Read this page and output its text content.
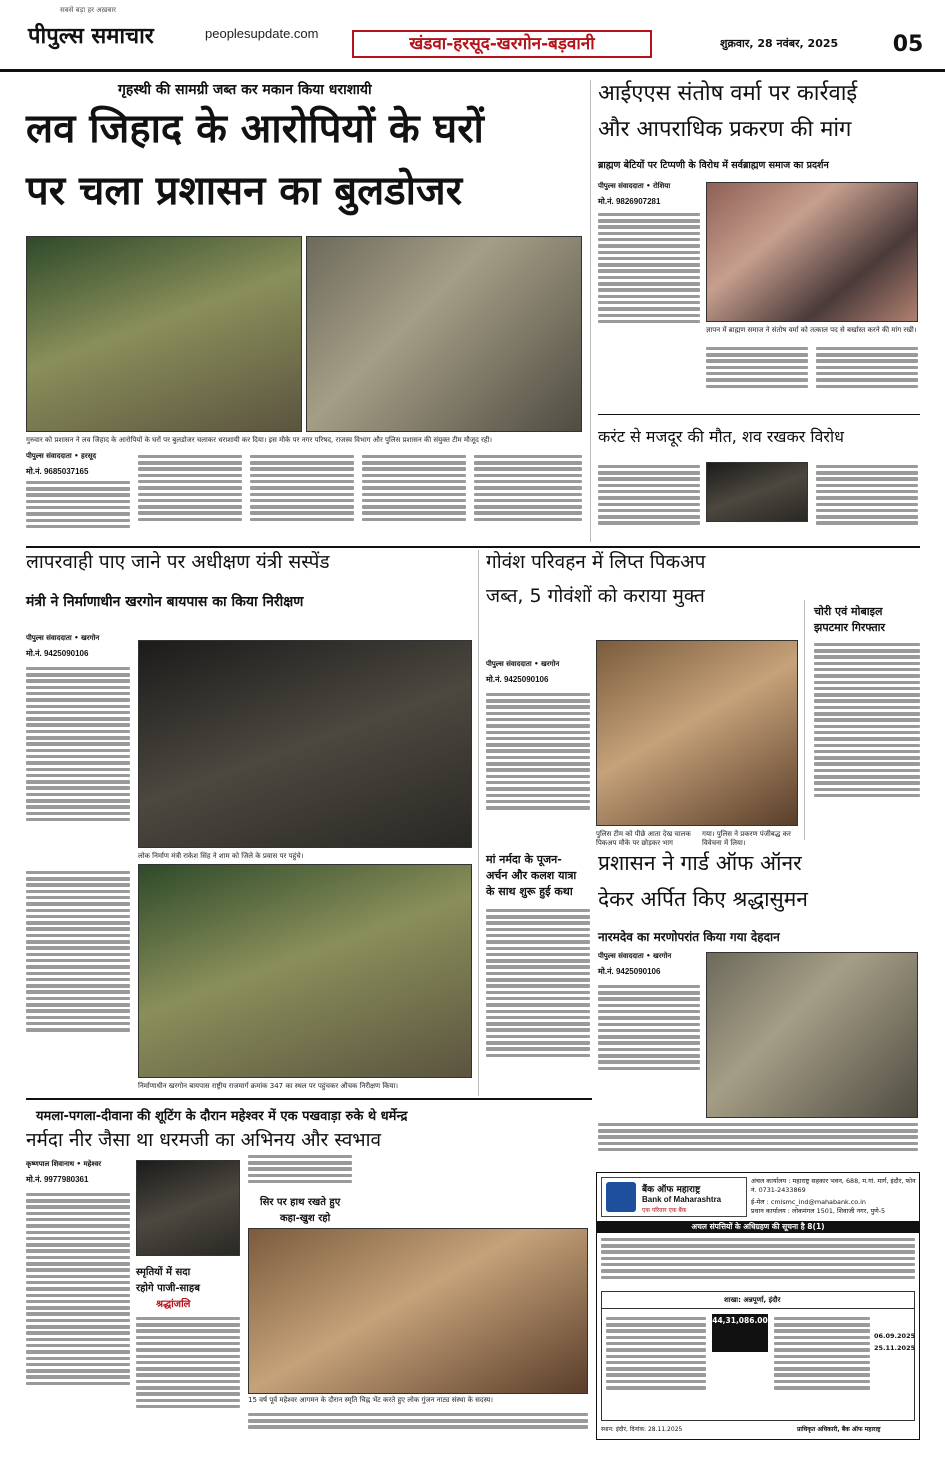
सबसे बड़ा हर अख़बार
पीपुल्स समाचार	peoplesupdate.com
खंडवा-हरसूद-खरगोन-बड़वानी	शुक्रवार, 28 नवंबर, 2025 05
गृहस्थी की सामग्री जब्त कर मकान किया धराशायी
लव जिहाद के आरोपियों के घरों
पर चला प्रशासन का बुलडोजर
गुरुवार को प्रशासन ने लव जिहाद के आरोपियों के घरों पर बुलडोजर चलाकर धराशायी कर दिया। इस मौके पर नगर परिषद, राजस्व विभाग और पुलिस प्रशासन की संयुक्त टीम मौजूद रही।
पीपुल्स संवाददाता • हरसूद
मो.नं. 9685037165
आईएएस संतोष वर्मा पर कार्रवाई
और आपराधिक प्रकरण की मांग
ब्राह्मण बेटियों पर टिप्पणी के विरोध में सर्वब्राह्मण समाज का प्रदर्शन
पीपुल्स संवाददाता • रोशिया
मो.नं. 9826907281
ज्ञापन में ब्राह्मण समाज ने संतोष वर्मा को तत्काल पद से बर्खास्त करने की मांग रखी।
करंट से मजदूर की मौत, शव रखकर विरोध
लापरवाही पाए जाने पर अधीक्षण यंत्री सस्पेंड
मंत्री ने निर्माणाधीन खरगोन बायपास का किया निरीक्षण
पीपुल्स संवाददाता • खरगोन
मो.नं. 9425090106
लोक निर्माण मंत्री राकेश सिंह ने शाम को जिले के प्रवास पर पहुंचे।
निर्माणाधीन खरगोन बायपास राष्ट्रीय राजमार्ग क्रमांक 347 का स्थल पर पहुंचकर औचक निरीक्षण किया।
गोवंश परिवहन में लिप्त पिकअप
जब्त, 5 गोवंशों को कराया मुक्त
पीपुल्स संवाददाता • खरगोन
मो.नं. 9425090106
पुलिस टीम को पीछे आता देख चालक पिकअप मौके पर छोड़कर भाग
गया। पुलिस ने प्रकरण पंजीबद्ध कर विवेचना में लिया।
चोरी एवं मोबाइल
झपटमार गिरफ्तार
मां नर्मदा के पूजन-
अर्चन और कलश यात्रा
के साथ शुरू हुई कथा
प्रशासन ने गार्ड ऑफ ऑनर
देकर अर्पित किए श्रद्धासुमन
नारमदेव का मरणोपरांत किया गया देहदान
पीपुल्स संवाददाता • खरगोन
मो.नं. 9425090106
यमला-पगला-दीवाना की शूटिंग के दौरान महेश्वर में एक पखवाड़ा रुके थे धर्मेन्द्र
नर्मदा नीर जैसा था धरमजी का अभिनय और स्वभाव
कृष्णपाल शिवानाथ • महेश्वर
मो.नं. 9977980361
स्मृतियों में सदा
रहोगे पाजी-साहब
श्रद्धांजलि
सिर पर हाथ रखते हुए
कहा-खुश रहो
15 वर्ष पूर्व महेश्वर आगमन के दौरान स्मृति चिह्न भेंट करते हुए लोक गुंजन नाट्य संस्था के सदस्य।
बैंक ऑफ महाराष्ट्र
Bank of Maharashtra
एक परिवार एक बैंक
अंचल कार्यालय : महाराष्ट्र सहकार भवन, 688, म.गां. मार्ग, इंदौर, फोन नं. 0731-2433869
ई-मेल : cmlsmc_ind@mahabank.co.in
प्रधान कार्यालय : लोकमंगल 1501, शिवाजी नगर, पुणे-5
अचल संपत्तियों के अधिग्रहण की सूचना है 8(1)
शाखा: अन्नपूर्णा, इंदौर
44,31,086.00
06.09.2025
25.11.2025
स्थान: इंदौर, दिनांक: 28.11.2025	प्राधिकृत अधिकारी, बैंक ऑफ महाराष्ट्र
